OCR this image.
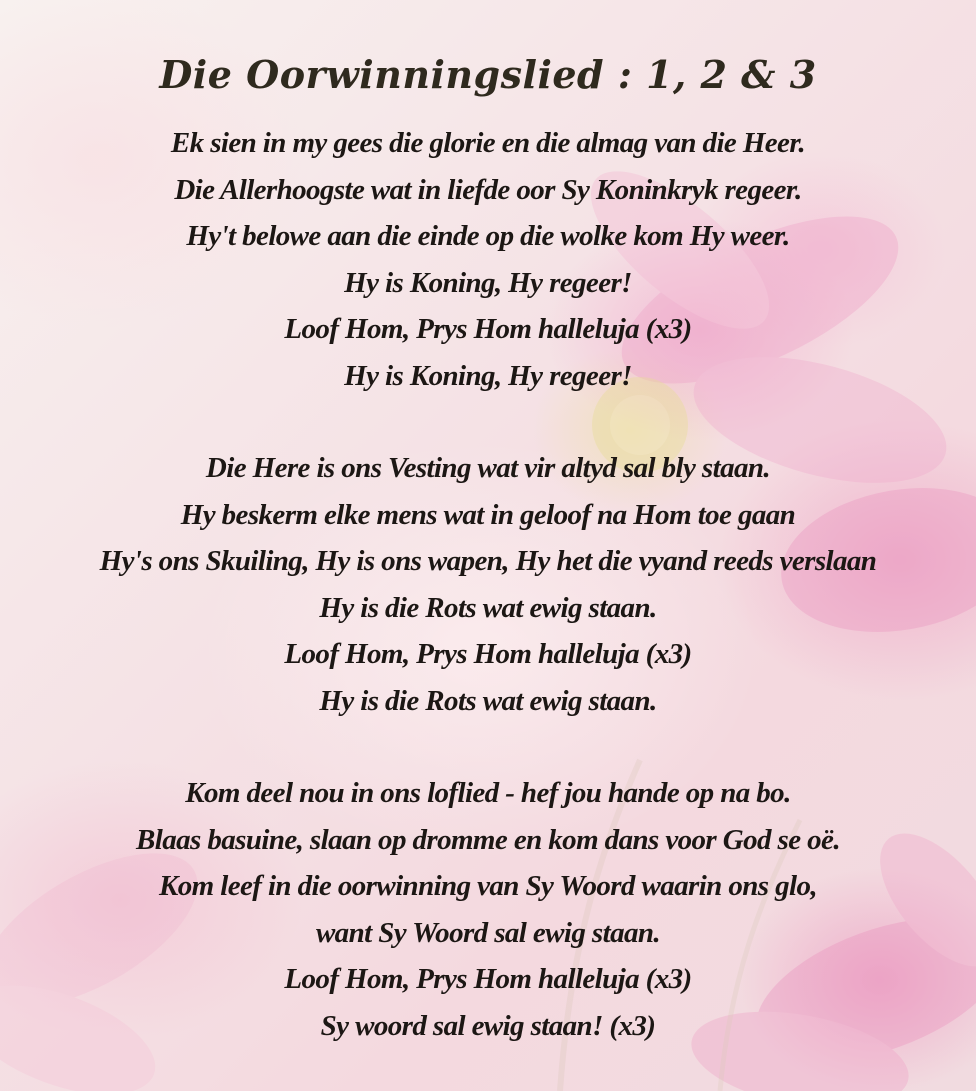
Die Oorwinningslied : 1, 2 & 3
Ek sien in my gees die glorie en die almag van die Heer.
Die Allerhoogste wat in liefde oor Sy Koninkryk regeer.
Hy't belowe aan die einde op die wolke kom Hy weer.
Hy is Koning, Hy regeer!
Loof Hom, Prys Hom halleluja (x3)
Hy is Koning, Hy regeer!
Die Here is ons Vesting wat vir altyd sal bly staan.
Hy beskerm elke mens wat in geloof na Hom toe gaan
Hy's ons Skuiling, Hy is ons wapen, Hy het die vyand reeds verslaan
Hy is die Rots wat ewig staan.
Loof Hom, Prys Hom halleluja (x3)
Hy is die Rots wat ewig staan.
Kom deel nou in ons loflied - hef jou hande op na bo.
Blaas basuine, slaan op dromme en kom dans voor God se oë.
Kom leef in die oorwinning van Sy Woord waarin ons glo,
want Sy Woord sal ewig staan.
Loof Hom, Prys Hom halleluja (x3)
Sy woord sal ewig staan! (x3)
